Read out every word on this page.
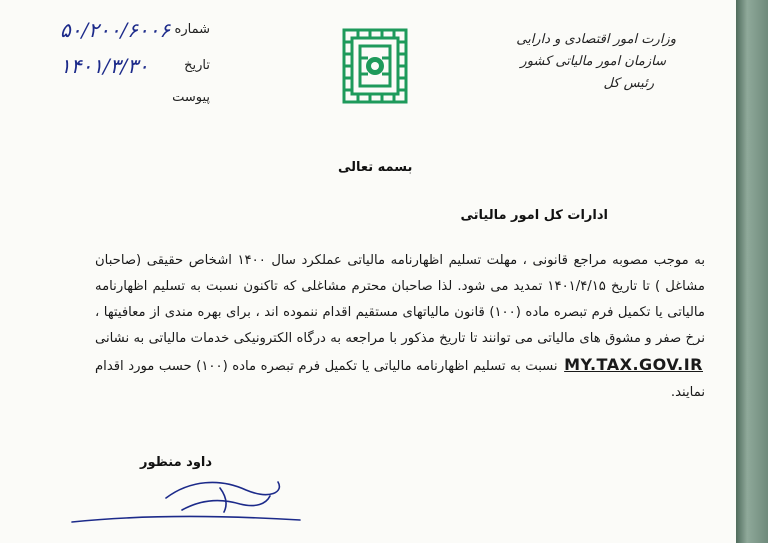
۵۰/۲۰۰/۶۰۰۶ شماره
۱۴۰۱/۳/۳۰	تاریخ
پیوست
وزارت امور اقتصادی و دارایی
سازمان امور مالیاتی کشور
رئیس کل
بسمه تعالی
ادارات کل امور مالیاتی

به موجب مصوبه مراجع قانونی ، مهلت تسلیم اظهارنامه مالیاتی عملکرد سال ۱۴۰۰ اشخاص حقیقی (صاحبان مشاغل ) تا تاریخ ۱۴۰۱/۴/۱۵ تمدید می شود. لذا صاحبان محترم مشاغلی که تاکنون نسبت به تسلیم اظهارنامه مالیاتی یا تکمیل فرم تبصره ماده (۱۰۰) قانون مالیاتهای مستقیم اقدام ننموده اند ، برای بهره مندی از معافیتها ، نرخ صفر و مشوق های مالیاتی می توانند تا تاریخ مذکور با مراجعه به درگاه الکترونیکی خدمات مالیاتی به نشانی MY.TAX.GOV.IR نسبت به تسلیم اظهارنامه مالیاتی یا تکمیل فرم تبصره ماده (۱۰۰) حسب مورد اقدام نمایند.

داود منظور
